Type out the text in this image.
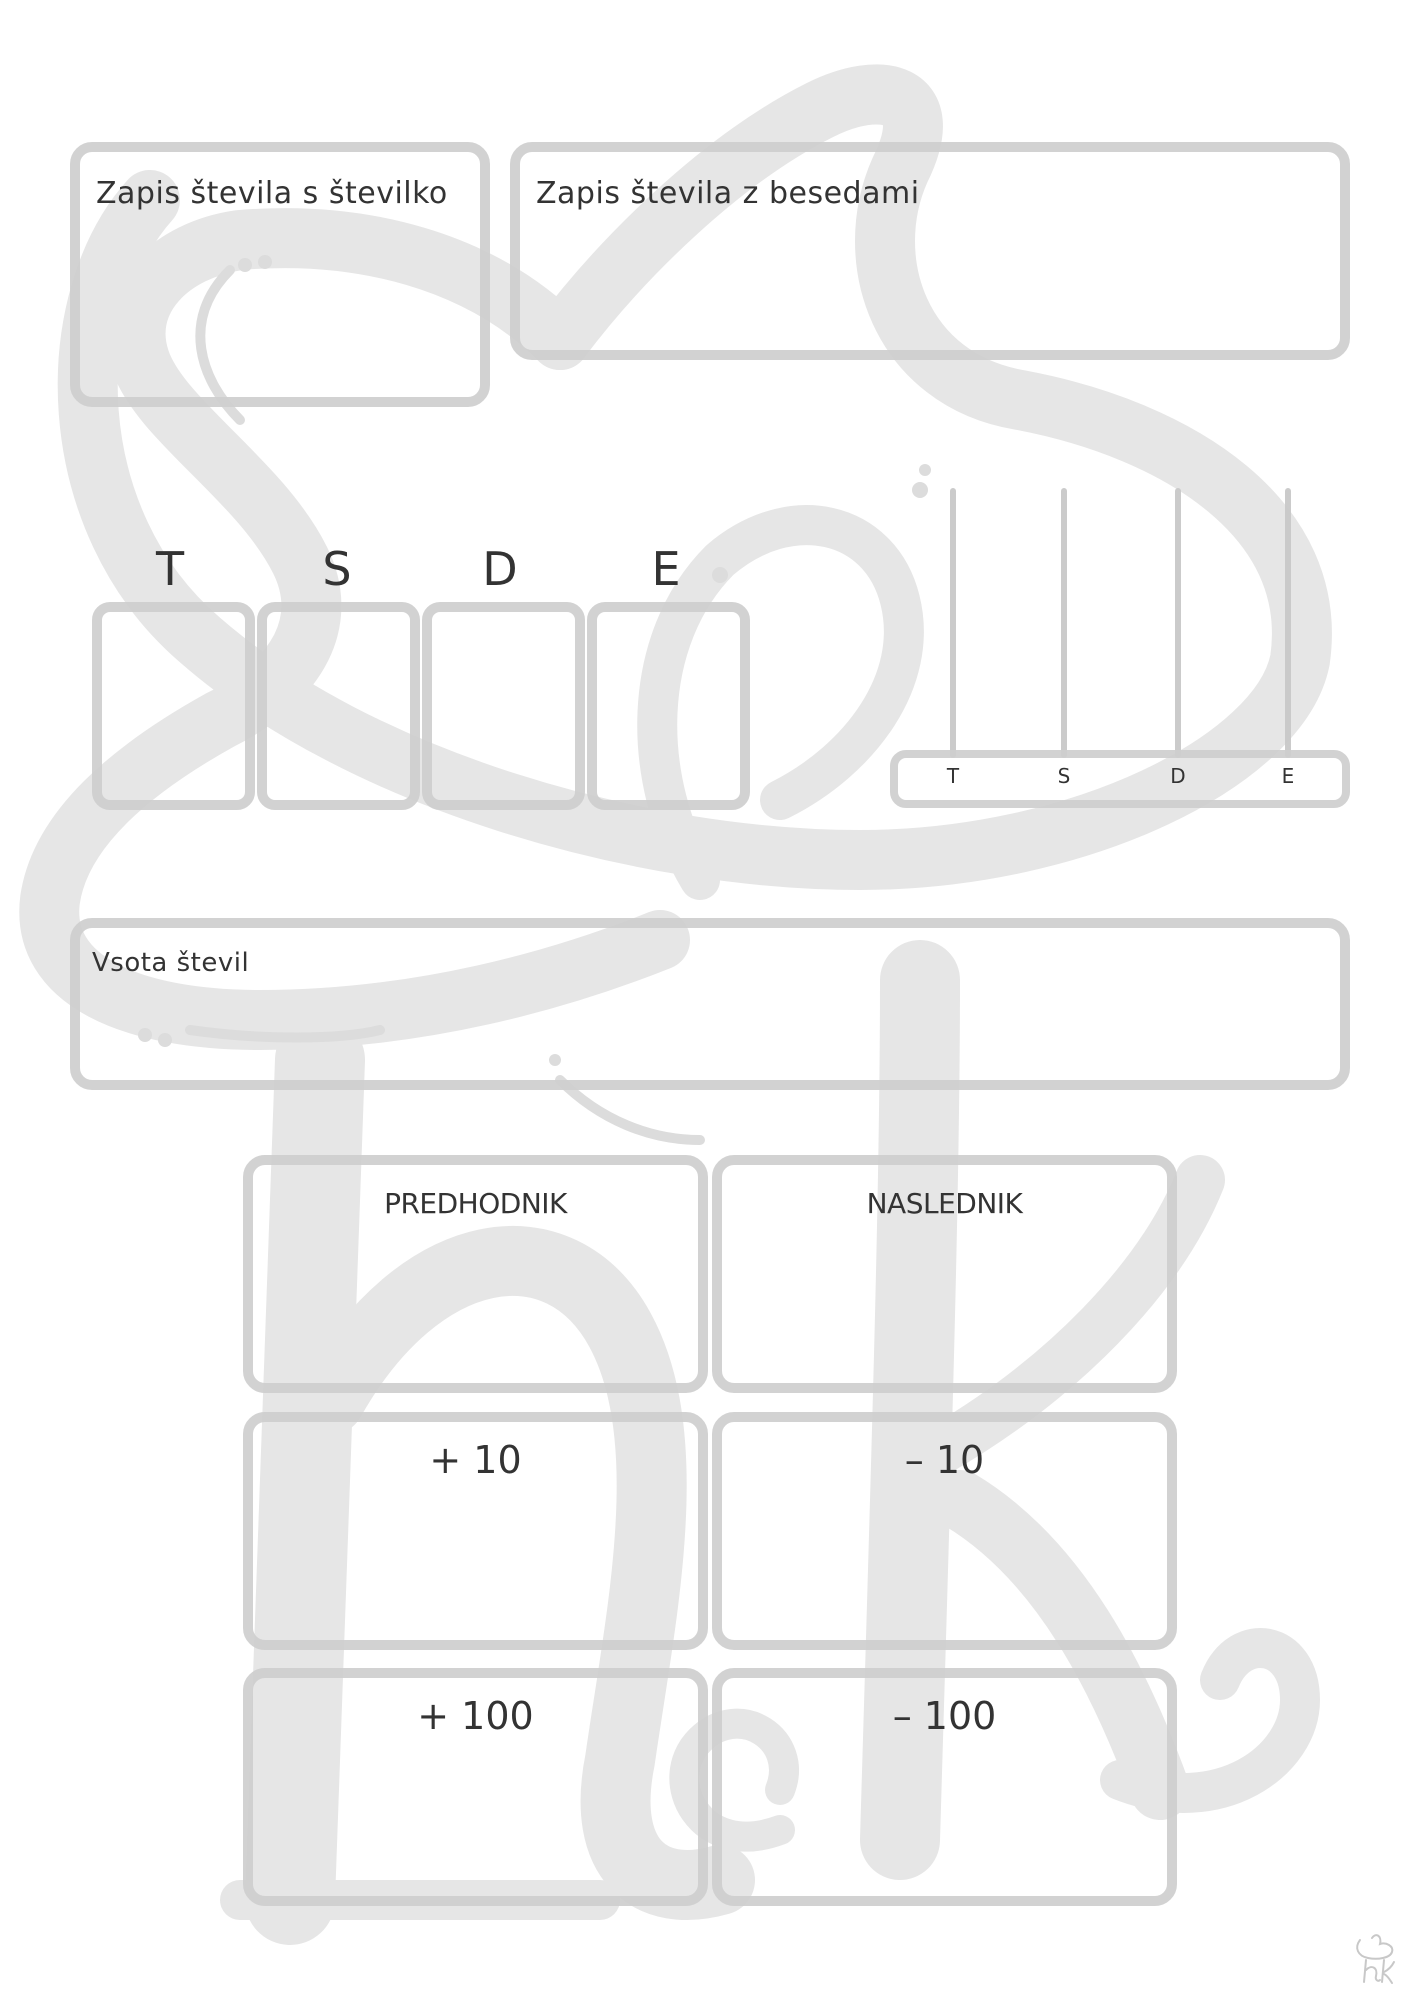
Zapis števila s številko	Zapis števila z besedami
T	S	D	E
T	S	D	E
Vsota števil
PREDHODNIK	NASLEDNIK
+ 10	– 10
+ 100	– 100
